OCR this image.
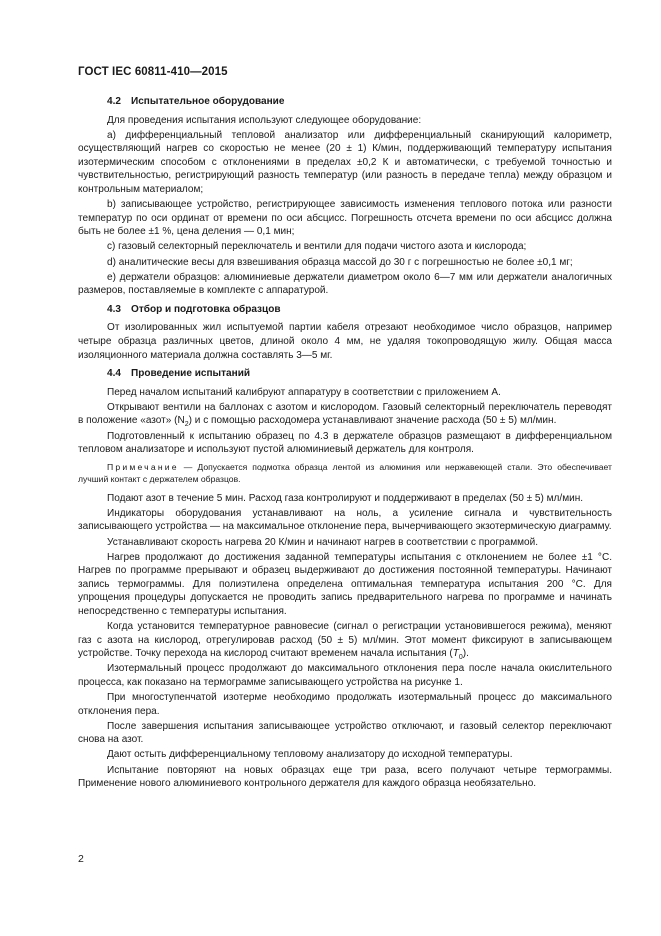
ГОСТ IEC 60811-410—2015
4.2 Испытательное оборудование
Для проведения испытания используют следующее оборудование:
а) дифференциальный тепловой анализатор или дифференциальный сканирующий калориметр, осуществляющий нагрев со скоростью не менее (20 ± 1) К/мин, поддерживающий температуру испытания изотермическим способом с отклонениями в пределах ±0,2 К и автоматически, с требуемой точностью и чувствительностью, регистрирующий разность температур (или разность в передаче тепла) между образцом и контрольным материалом;
b) записывающее устройство, регистрирующее зависимость изменения теплового потока или разности температур по оси ординат от времени по оси абсцисс. Погрешность отсчета времени по оси абсцисс должна быть не более ±1 %, цена деления — 0,1 мин;
с) газовый селекторный переключатель и вентили для подачи чистого азота и кислорода;
d) аналитические весы для взвешивания образца массой до 30 г с погрешностью не более ±0,1 мг;
е) держатели образцов: алюминиевые держатели диаметром около 6—7 мм или держатели аналогичных размеров, поставляемые в комплекте с аппаратурой.
4.3 Отбор и подготовка образцов
От изолированных жил испытуемой партии кабеля отрезают необходимое число образцов, например четыре образца различных цветов, длиной около 4 мм, не удаляя токопроводящую жилу. Общая масса изоляционного материала должна составлять 3—5 мг.
4.4 Проведение испытаний
Перед началом испытаний калибруют аппаратуру в соответствии с приложением А.
Открывают вентили на баллонах с азотом и кислородом. Газовый селекторный переключатель переводят в положение «азот» $(N_2)$ и с помощью расходомера устанавливают значение расхода (50 ± 5) мл/мин.
Подготовленный к испытанию образец по 4.3 в держателе образцов размещают в дифференциальном тепловом анализаторе и используют пустой алюминиевый держатель для контроля.
Примечание — Допускается подмотка образца лентой из алюминия или нержавеющей стали. Это обеспечивает лучший контакт с держателем образцов.
Подают азот в течение 5 мин. Расход газа контролируют и поддерживают в пределах (50 ± 5) мл/мин.
Индикаторы оборудования устанавливают на ноль, а усиление сигнала и чувствительность записывающего устройства — на максимальное отклонение пера, вычерчивающего экзотермическую диаграмму.
Устанавливают скорость нагрева 20 К/мин и начинают нагрев в соответствии с программой.
Нагрев продолжают до достижения заданной температуры испытания с отклонением не более ±1 °С. Нагрев по программе прерывают и образец выдерживают до достижения постоянной температуры. Начинают запись термограммы. Для полиэтилена определена оптимальная температура испытания 200 °С. Для упрощения процедуры допускается не проводить запись предварительного нагрева по программе и начинать непосредственно с температуры испытания.
Когда установится температурное равновесие (сигнал о регистрации установившегося режима), меняют газ с азота на кислород, отрегулировав расход (50 ± 5) мл/мин. Этот момент фиксируют в записывающем устройстве. Точку перехода на кислород считают временем начала испытания $(T_0)$.
Изотермальный процесс продолжают до максимального отклонения пера после начала окислительного процесса, как показано на термограмме записывающего устройства на рисунке 1.
При многоступенчатой изотерме необходимо продолжать изотермальный процесс до максимального отклонения пера.
После завершения испытания записывающее устройство отключают, и газовый селектор переключают снова на азот.
Дают остыть дифференциальному тепловому анализатору до исходной температуры.
Испытание повторяют на новых образцах еще три раза, всего получают четыре термограммы. Применение нового алюминиевого контрольного держателя для каждого образца необязательно.
2
